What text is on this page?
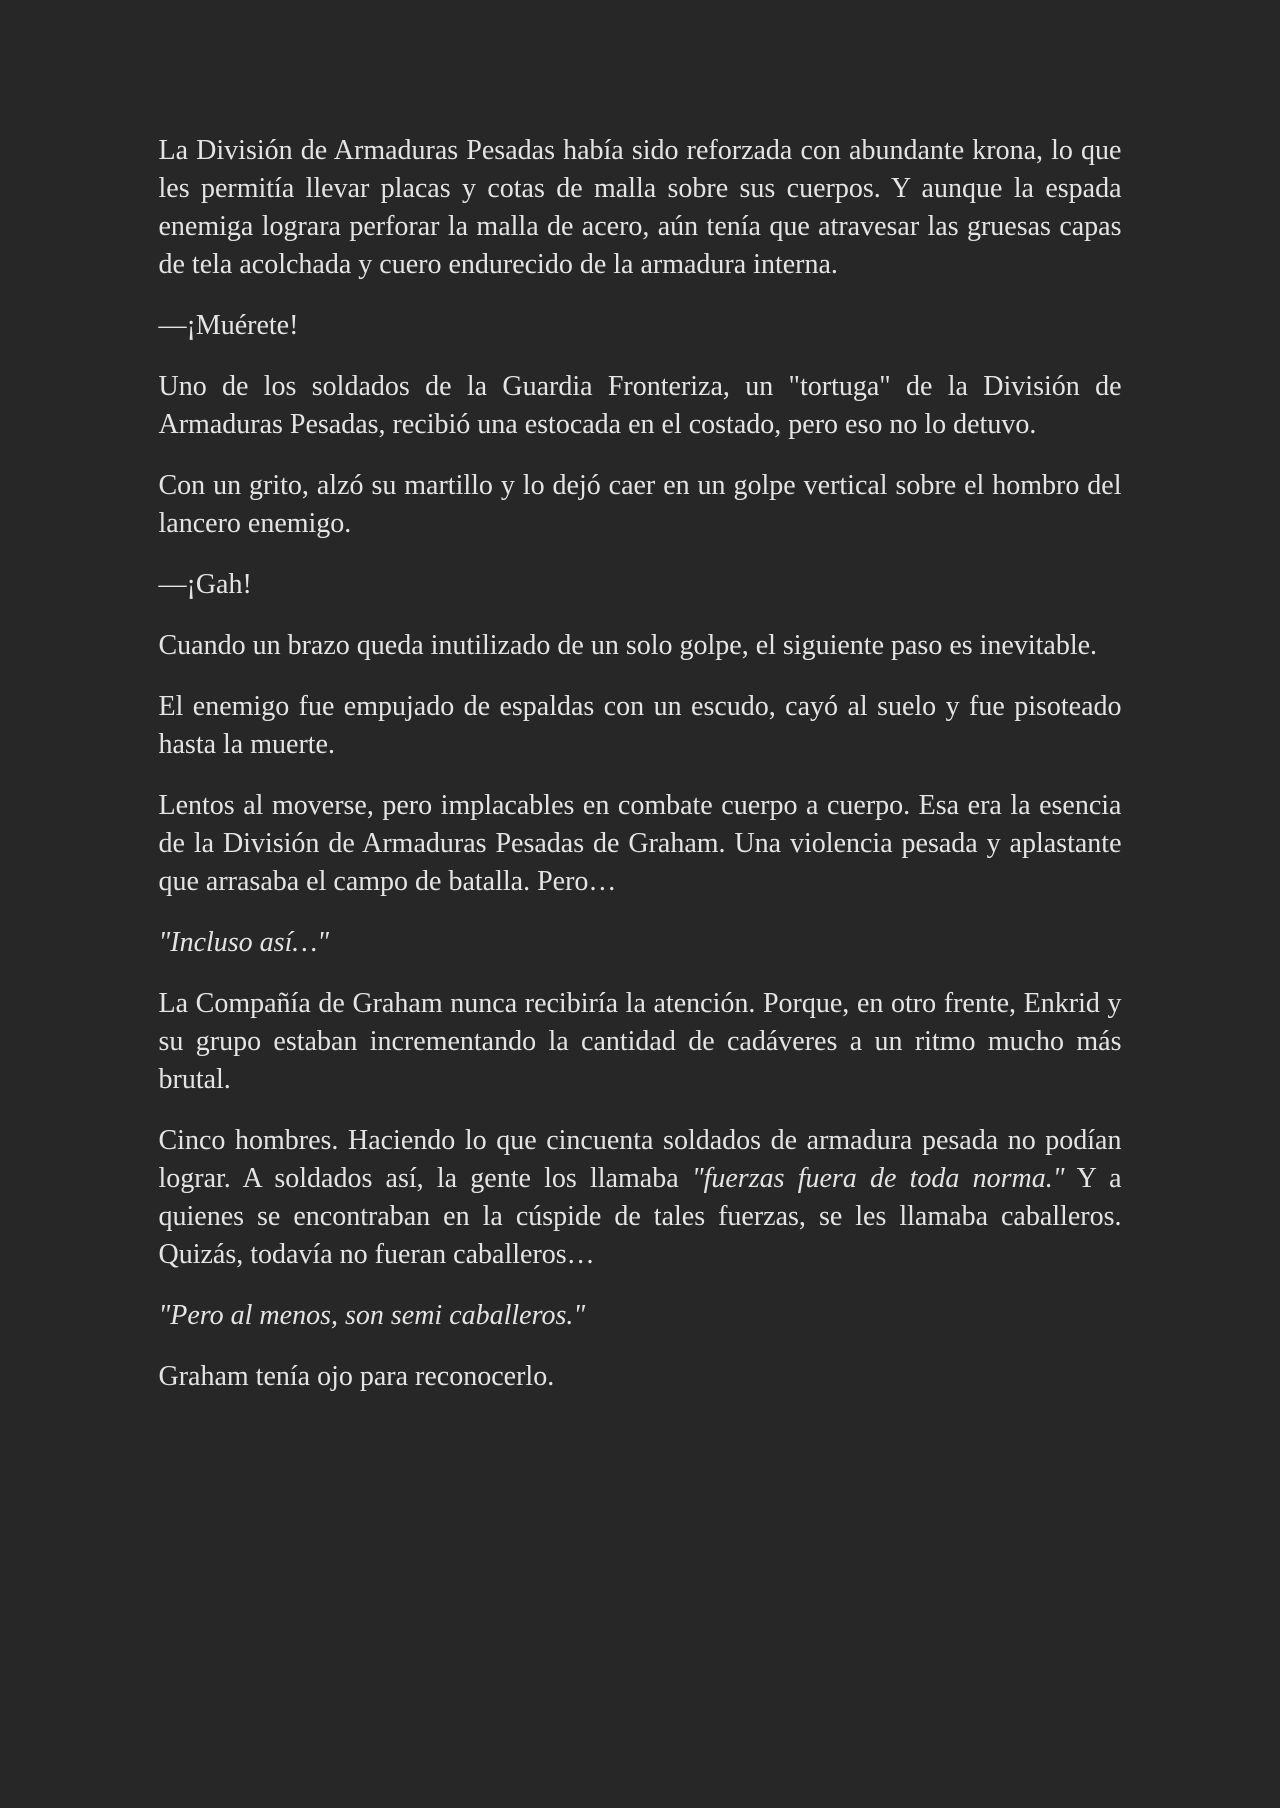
La División de Armaduras Pesadas había sido reforzada con abundante krona, lo que les permitía llevar placas y cotas de malla sobre sus cuerpos. Y aunque la espada enemiga lograra perforar la malla de acero, aún tenía que atravesar las gruesas capas de tela acolchada y cuero endurecido de la armadura interna.

—¡Muérete!

Uno de los soldados de la Guardia Fronteriza, un "tortuga" de la División de Armaduras Pesadas, recibió una estocada en el costado, pero eso no lo detuvo.

Con un grito, alzó su martillo y lo dejó caer en un golpe vertical sobre el hombro del lancero enemigo.

—¡Gah!

Cuando un brazo queda inutilizado de un solo golpe, el siguiente paso es inevitable.

El enemigo fue empujado de espaldas con un escudo, cayó al suelo y fue pisoteado hasta la muerte.

Lentos al moverse, pero implacables en combate cuerpo a cuerpo. Esa era la esencia de la División de Armaduras Pesadas de Graham. Una violencia pesada y aplastante que arrasaba el campo de batalla. Pero…

"Incluso así…"

La Compañía de Graham nunca recibiría la atención. Porque, en otro frente, Enkrid y su grupo estaban incrementando la cantidad de cadáveres a un ritmo mucho más brutal.

Cinco hombres. Haciendo lo que cincuenta soldados de armadura pesada no podían lograr. A soldados así, la gente los llamaba "fuerzas fuera de toda norma." Y a quienes se encontraban en la cúspide de tales fuerzas, se les llamaba caballeros. Quizás, todavía no fueran caballeros…

"Pero al menos, son semi caballeros."

Graham tenía ojo para reconocerlo.
